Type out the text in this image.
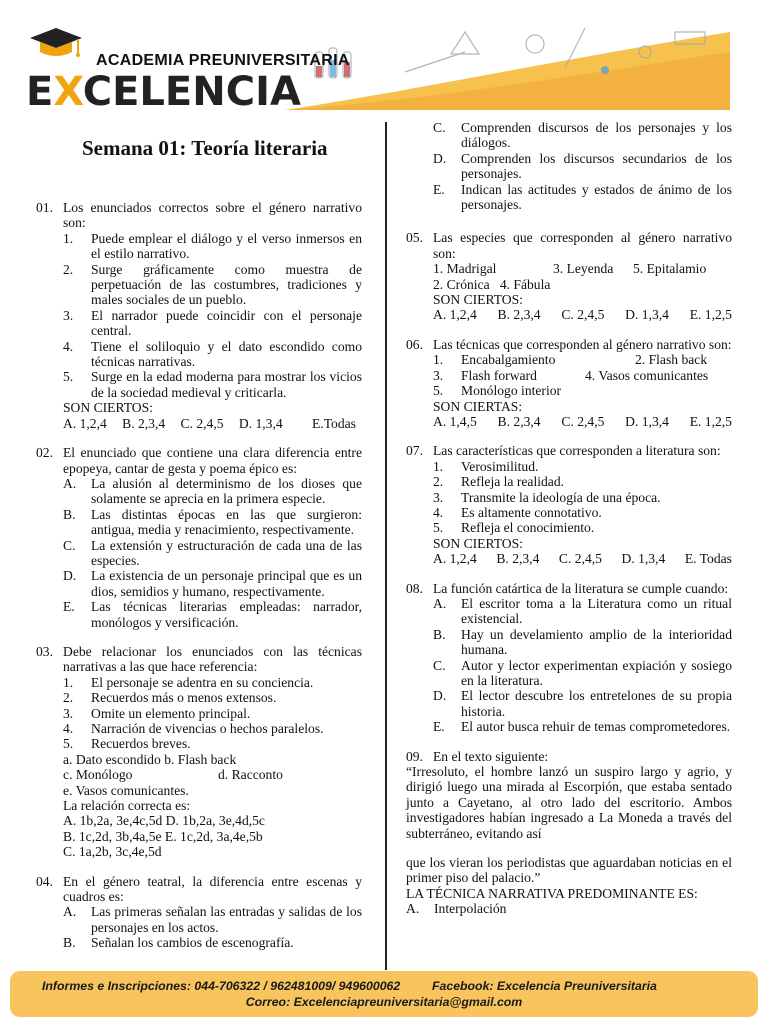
ACADEMIA PREUNIVERSITARIA
EXCELENCIA
Semana 01: Teoría literaria
01. Los enunciados correctos sobre el género narrativo son:
1. Puede emplear el diálogo y el verso inmersos en el estilo narrativo.
2. Surge gráficamente como muestra de perpetuación de las costumbres, tradiciones y males sociales de un pueblo.
3. El narrador puede coincidir con el personaje central.
4. Tiene el soliloquio y el dato escondido como técnicas narrativas.
5. Surge en la edad moderna para mostrar los vicios de la sociedad medieval y criticarla.
SON CIERTOS:
A. 1,2,4 B. 2,3,4 C. 2,4,5 D. 1,3,4 E.Todas
02. El enunciado que contiene una clara diferencia entre epopeya, cantar de gesta y poema épico es:
A. La alusión al determinismo de los dioses que solamente se aprecia en la primera especie.
B. Las distintas épocas en las que surgieron: antigua, media y renacimiento, respectivamente.
C. La extensión y estructuración de cada una de las especies.
D. La existencia de un personaje principal que es un dios, semidios y humano, respectivamente.
E. Las técnicas literarias empleadas: narrador, monólogos y versificación.
03. Debe relacionar los enunciados con las técnicas narrativas a las que hace referencia:
1. El personaje se adentra en su conciencia.
2. Recuerdos más o menos extensos.
3. Omite un elemento principal.
4. Narración de vivencias o hechos paralelos.
5. Recuerdos breves.
a. Dato escondido b. Flash back
c. Monólogo	d. Racconto
e. Vasos comunicantes.
La relación correcta es:
A. 1b,2a, 3e,4c,5d D. 1b,2a, 3e,4d,5c
B. 1c,2d, 3b,4a,5e E. 1c,2d, 3a,4e,5b
C. 1a,2b, 3c,4e,5d
04. En el género teatral, la diferencia entre escenas y cuadros es:
A. Las primeras señalan las entradas y salidas de los personajes en los actos.
B. Señalan los cambios de escenografía.
C. Comprenden discursos de los personajes y los diálogos.
D. Comprenden los discursos secundarios de los personajes.
E. Indican las actitudes y estados de ánimo de los personajes.
05. Las especies que corresponden al género narrativo son:
1. Madrigal	3. Leyenda	5. Epitalamio
2. Crónica   4. Fábula
SON CIERTOS:
A. 1,2,4 B. 2,3,4 C. 2,4,5 D. 1,3,4 E. 1,2,5
06. Las técnicas que corresponden al género narrativo son:
1.	Encabalgamiento	2. Flash back
3.	Flash forward	4. Vasos comunicantes
5.	Monólogo interior
SON CIERTAS:
A. 1,4,5 B. 2,3,4 C. 2,4,5 D. 1,3,4 E. 1,2,5
07. Las características que corresponden a literatura son:
1. Verosimilitud.
2. Refleja la realidad.
3. Transmite la ideología de una época.
4. Es altamente connotativo.
5. Refleja el conocimiento.
SON CIERTOS:
A. 1,2,4 B. 2,3,4 C. 2,4,5 D. 1,3,4 E. Todas
08. La función catártica de la literatura se cumple cuando:
A. El escritor toma a la Literatura como un ritual existencial.
B. Hay un develamiento amplio de la interioridad humana.
C. Autor y lector experimentan expiación y sosiego en la literatura.
D. El lector descubre los entretelones de su propia historia.
E. El autor busca rehuir de temas comprometedores.
09. En el texto siguiente:
“Irresoluto, el hombre lanzó un suspiro largo y agrio, y dirigió luego una mirada al Escorpión, que estaba sentado junto a Cayetano, al otro lado del escritorio. Ambos investigadores habían ingresado a La Moneda a través del subterráneo, evitando así
que los vieran los periodistas que aguardaban noticias en el primer piso del palacio.”
LA TÉCNICA NARRATIVA PREDOMINANTE ES:
A. Interpolación
Informes e Inscripciones: 044-706322 / 962481009/ 949600062	Facebook: Excelencia Preuniversitaria
Correo: Excelenciapreuniversitaria@gmail.com
